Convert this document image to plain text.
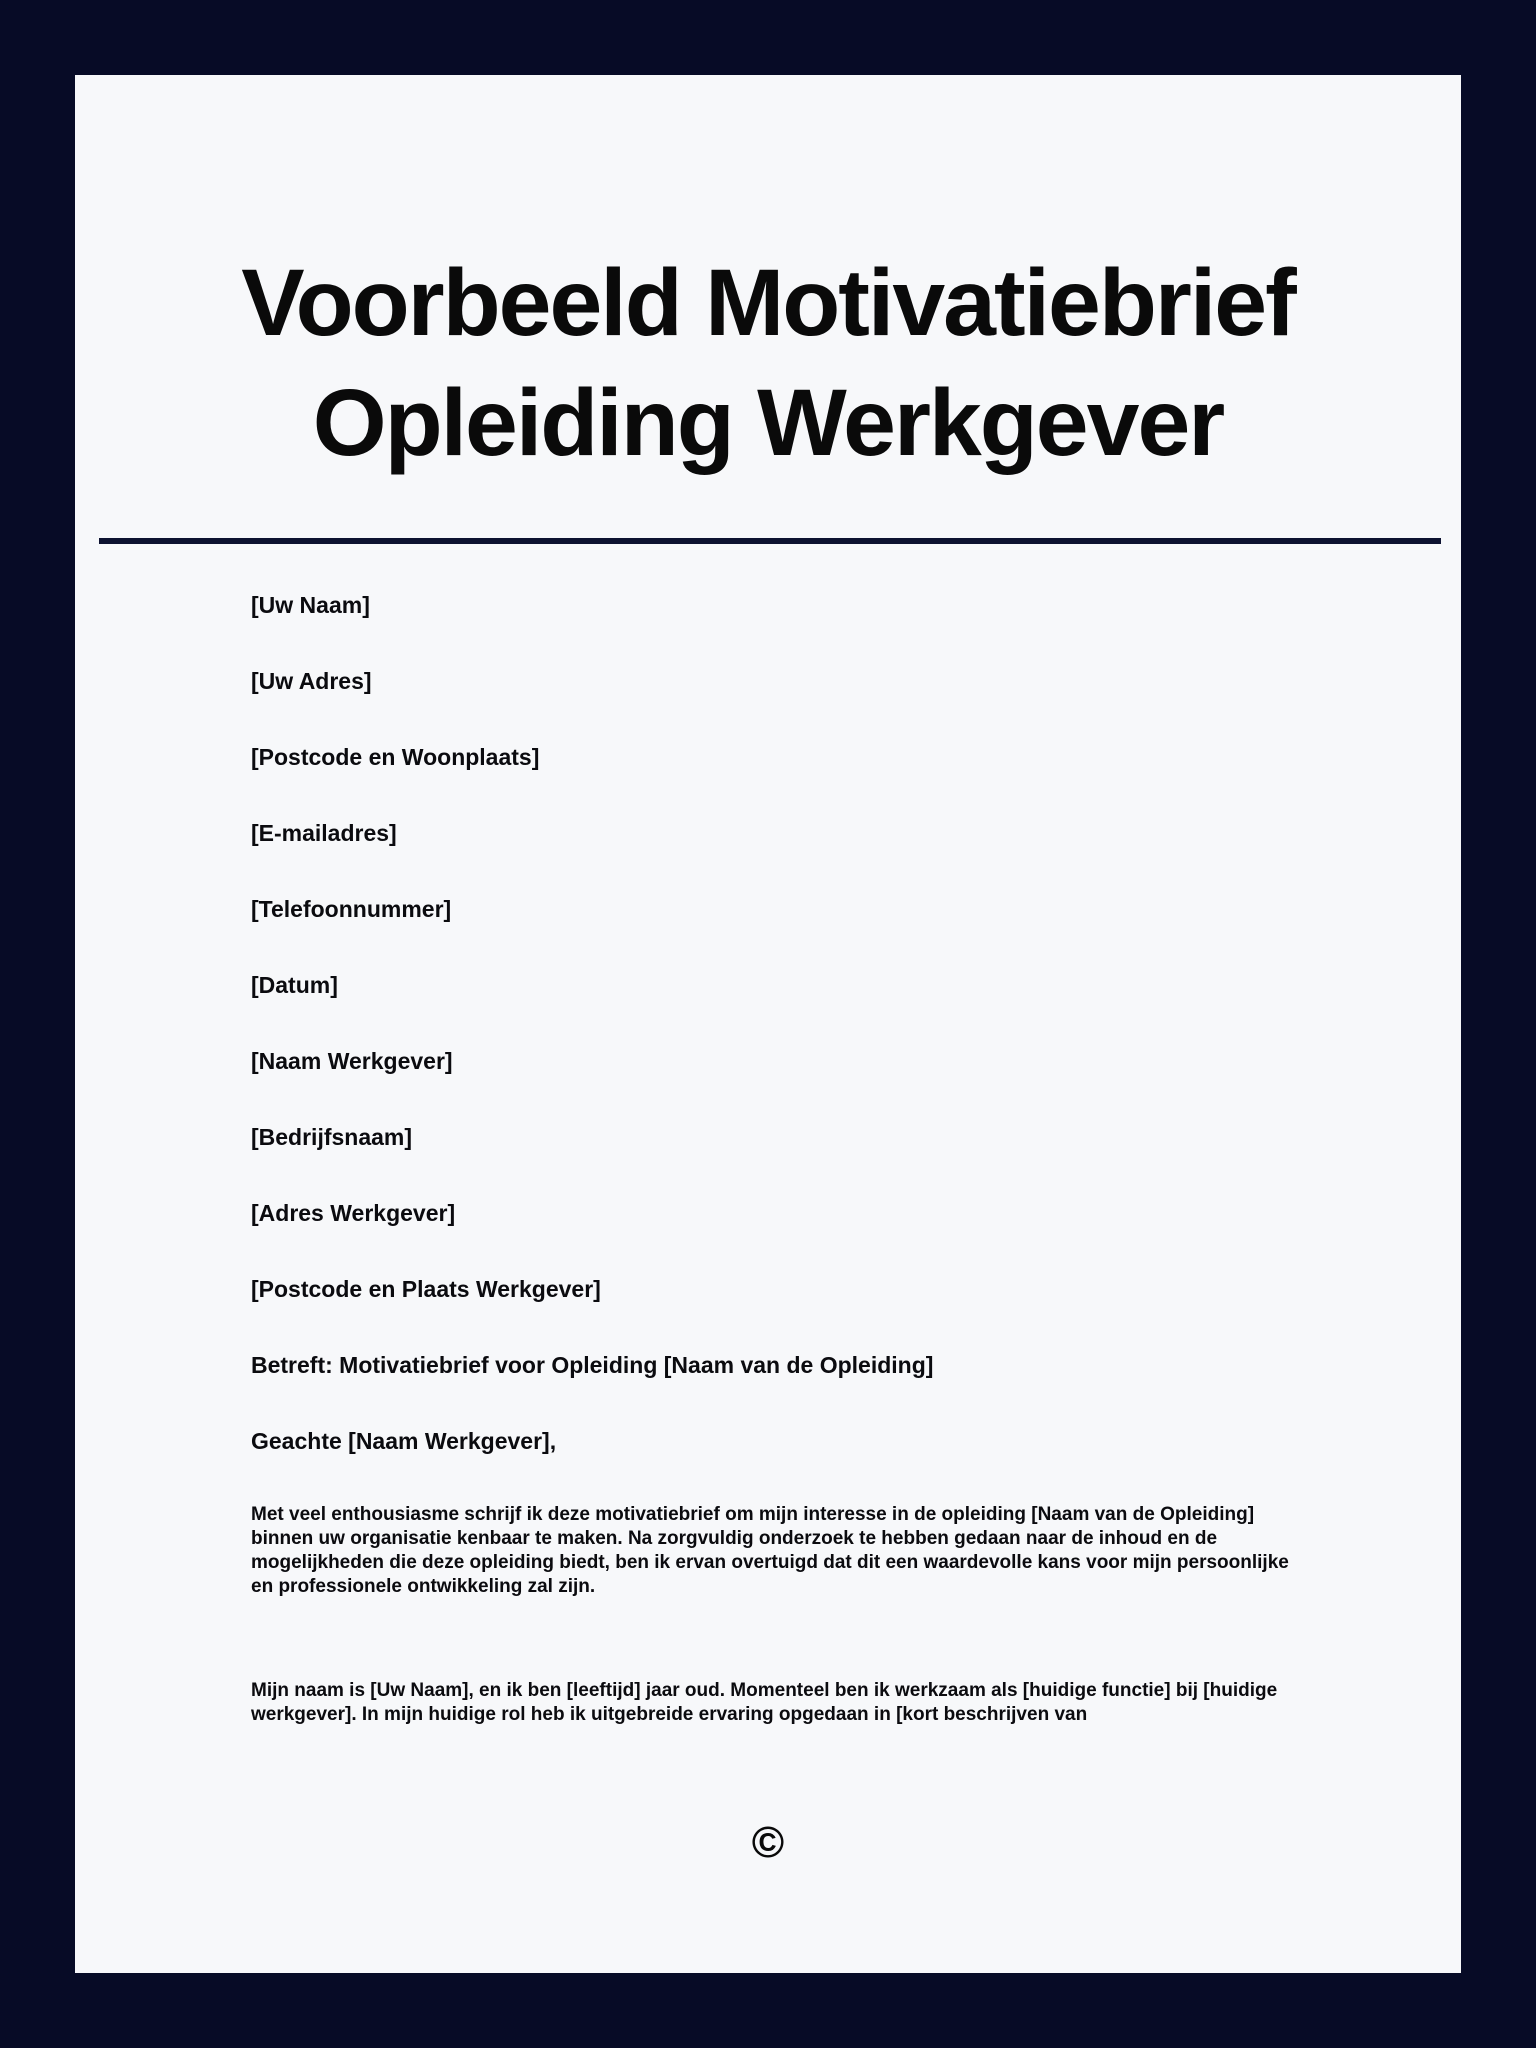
Voorbeeld Motivatiebrief Opleiding Werkgever

[Uw Naam]

[Uw Adres]

[Postcode en Woonplaats]

[E-mailadres]

[Telefoonnummer]

[Datum]

[Naam Werkgever]

[Bedrijfsnaam]

[Adres Werkgever]

[Postcode en Plaats Werkgever]

Betreft: Motivatiebrief voor Opleiding [Naam van de Opleiding]

Geachte [Naam Werkgever],

Met veel enthousiasme schrijf ik deze motivatiebrief om mijn interesse in de opleiding [Naam van de Opleiding] binnen uw organisatie kenbaar te maken. Na zorgvuldig onderzoek te hebben gedaan naar de inhoud en de mogelijkheden die deze opleiding biedt, ben ik ervan overtuigd dat dit een waardevolle kans voor mijn persoonlijke en professionele ontwikkeling zal zijn.

Mijn naam is [Uw Naam], en ik ben [leeftijd] jaar oud. Momenteel ben ik werkzaam als [huidige functie] bij [huidige werkgever]. In mijn huidige rol heb ik uitgebreide ervaring opgedaan in [kort beschrijven van

©
